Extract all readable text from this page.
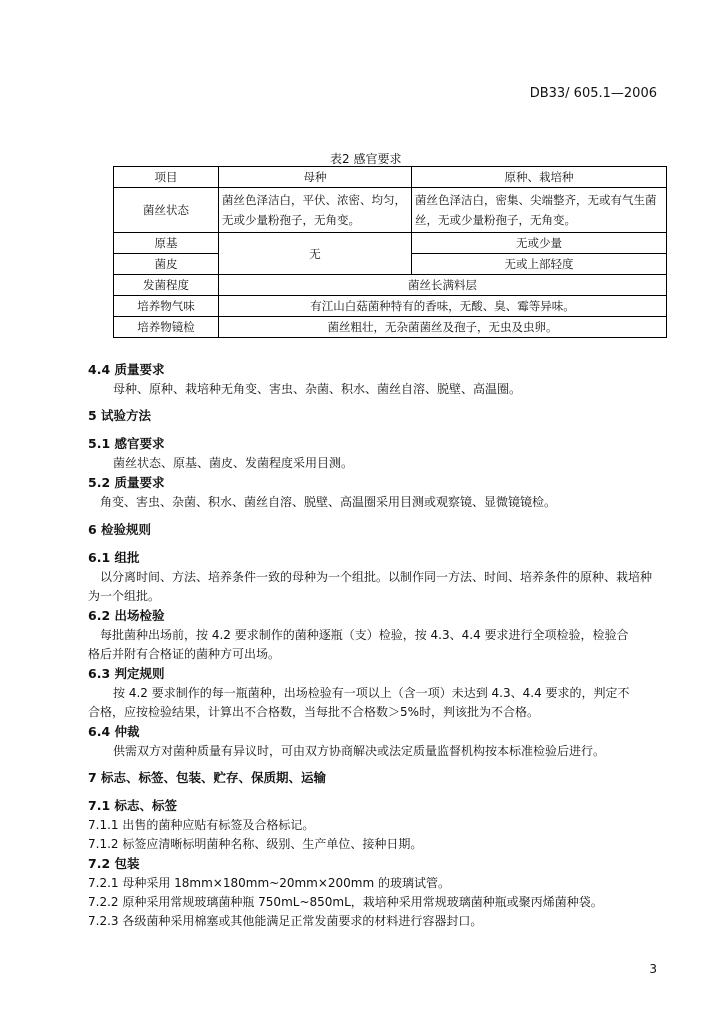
DB33/ 605.1—2006
表2 感官要求
项目	母种	原种、栽培种
菌丝状态	菌丝色泽洁白，平伏、浓密、均匀，无或少量粉孢子，无角变。	菌丝色泽洁白，密集、尖端整齐，无或有气生菌丝，无或少量粉孢子，无角变。
原基	无	无或少量
菌皮		无或上部轻度
发菌程度	菌丝长满料层	
培养物气味	有江山白菇菌种特有的香味，无酸、臭、霉等异味。	
培养物镜检	菌丝粗壮，无杂菌菌丝及孢子，无虫及虫卵。	
4.4 质量要求
母种、原种、栽培种无角变、害虫、杂菌、积水、菌丝自溶、脱壁、高温圈。
5 试验方法
5.1 感官要求
菌丝状态、原基、菌皮、发菌程度采用目测。
5.2 质量要求
角变、害虫、杂菌、积水、菌丝自溶、脱壁、高温圈采用目测或观察镜、显微镜镜检。
6 检验规则
6.1 组批
以分离时间、方法、培养条件一致的母种为一个组批。以制作同一方法、时间、培养条件的原种、栽培种
为一个组批。
6.2 出场检验
每批菌种出场前，按 4.2 要求制作的菌种逐瓶（支）检验，按 4.3、4.4 要求进行全项检验，检验合
格后并附有合格证的菌种方可出场。
6.3 判定规则
按 4.2 要求制作的每一瓶菌种，出场检验有一项以上（含一项）未达到 4.3、4.4 要求的，判定不
合格，应按检验结果，计算出不合格数，当每批不合格数＞5%时，判该批为不合格。
6.4 仲裁
供需双方对菌种质量有异议时，可由双方协商解决或法定质量监督机构按本标准检验后进行。
7 标志、标签、包装、贮存、保质期、运输
7.1 标志、标签
7.1.1 出售的菌种应贴有标签及合格标记。
7.1.2 标签应清晰标明菌种名称、级别、生产单位、接种日期。
7.2 包装
7.2.1 母种采用 18mm×180mm~20mm×200mm 的玻璃试管。
7.2.2 原种采用常规玻璃菌种瓶 750mL~850mL，栽培种采用常规玻璃菌种瓶或聚丙烯菌种袋。
7.2.3 各级菌种采用棉塞或其他能满足正常发菌要求的材料进行容器封口。
3
